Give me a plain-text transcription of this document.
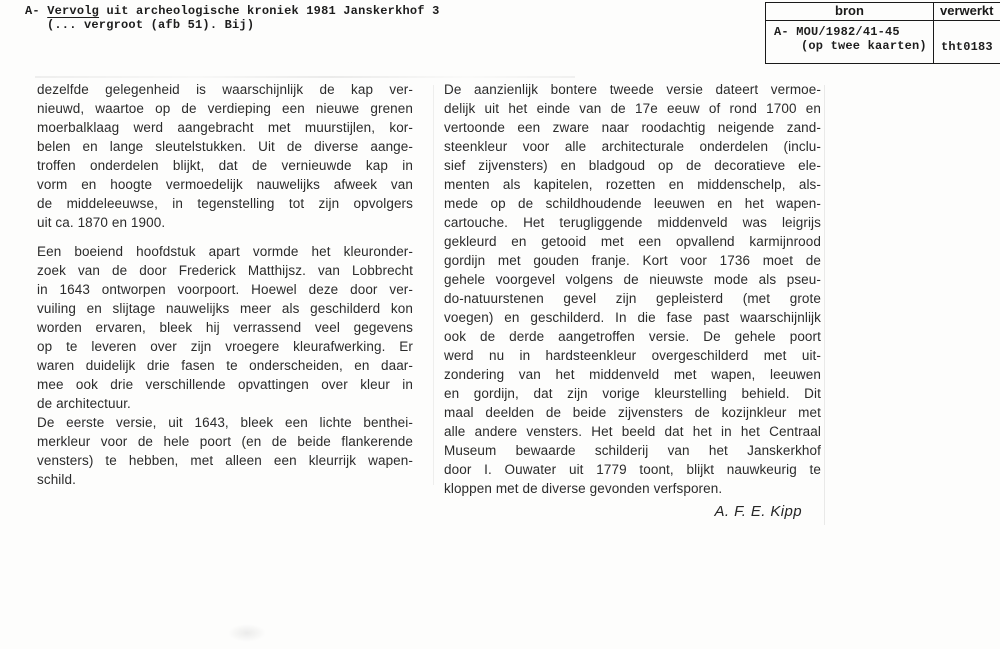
A- Vervolg uit archeologische kroniek 1981 Janskerkhof 3
(... vergroot (afb 51). Bij)
bron	verwerkt
A- MOU/1982/41-45
(op twee kaarten)	tht0183
dezelfde gelegenheid is waarschijnlijk de kap ver-
nieuwd, waartoe op de verdieping een nieuwe grenen
moerbalklaag werd aangebracht met muurstijlen, kor-
belen en lange sleutelstukken. Uit de diverse aange-
troffen onderdelen blijkt, dat de vernieuwde kap in
vorm en hoogte vermoedelijk nauwelijks afweek van
de middeleeuwse, in tegenstelling tot zijn opvolgers
uit ca. 1870 en 1900.
Een boeiend hoofdstuk apart vormde het kleuronder-
zoek van de door Frederick Matthijsz. van Lobbrecht
in 1643 ontworpen voorpoort. Hoewel deze door ver-
vuiling en slijtage nauwelijks meer als geschilderd kon
worden ervaren, bleek hij verrassend veel gegevens
op te leveren over zijn vroegere kleurafwerking. Er
waren duidelijk drie fasen te onderscheiden, en daar-
mee ook drie verschillende opvattingen over kleur in
de architectuur.
De eerste versie, uit 1643, bleek een lichte benthei-
merkleur voor de hele poort (en de beide flankerende
vensters) te hebben, met alleen een kleurrijk wapen-
schild.
De aanzienlijk bontere tweede versie dateert vermoe-
delijk uit het einde van de 17e eeuw of rond 1700 en
vertoonde een zware naar roodachtig neigende zand-
steenkleur voor alle architecturale onderdelen (inclu-
sief zijvensters) en bladgoud op de decoratieve ele-
menten als kapitelen, rozetten en middenschelp, als-
mede op de schildhoudende leeuwen en het wapen-
cartouche. Het terugliggende middenveld was leigrijs
gekleurd en getooid met een opvallend karmijnrood
gordijn met gouden franje. Kort voor 1736 moet de
gehele voorgevel volgens de nieuwste mode als pseu-
do-natuurstenen gevel zijn gepleisterd (met grote
voegen) en geschilderd. In die fase past waarschijnlijk
ook de derde aangetroffen versie. De gehele poort
werd nu in hardsteenkleur overgeschilderd met uit-
zondering van het middenveld met wapen, leeuwen
en gordijn, dat zijn vorige kleurstelling behield. Dit
maal deelden de beide zijvensters de kozijnkleur met
alle andere vensters. Het beeld dat het in het Centraal
Museum bewaarde schilderij van het Janskerkhof
door I. Ouwater uit 1779 toont, blijkt nauwkeurig te
kloppen met de diverse gevonden verfsporen.
A. F. E. Kipp
